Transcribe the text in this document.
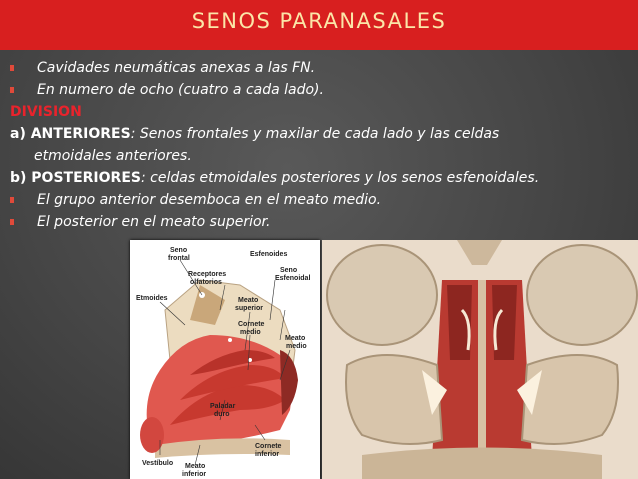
SENOS PARANASALES
Cavidades neumáticas anexas a las FN.
En numero de ocho (cuatro a cada lado).
DIVISION
a) ANTERIORES: Senos frontales y maxilar de cada lado y las celdas
etmoidales anteriores.
b) POSTERIORES: celdas etmoidales posteriores y los senos esfenoidales.
El grupo anterior desemboca en el meato medio.
El posterior en el meato superior.
Seno
frontal
Esfenoides
Receptores
olfatorios
Etmoides
Seno
Esfenoidal
Meato
superior
Cornete
medio
Meato
medio
Paladar
duro
Vestíbulo
Cornete
inferior
Meato
inferior
